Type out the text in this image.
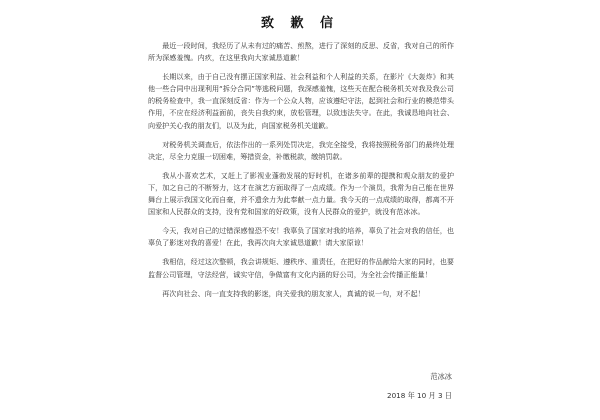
致 歉 信

最近一段时间，我经历了从未有过的痛苦、煎熬，进行了深刻的反思、反省，我对自己的所作所为深感羞愧。内疚，在这里我向大家诚恳道歉！

长期以来，由于自己没有摆正国家利益、社会利益和个人利益的关系，在影片《大轰炸》和其他一些合同中出现利用“拆分合同”等逃税问题
，我深感羞愧，这些天在配合税务机关对我及我公司的税务检查中，我一直深刻反省：作为一个公众人物，应该遵纪守法，起到社会和行业的模范带头作用，不应在经济利益面前，丧失自我约束，放松管理，以致违法失守。在此，我诚恳地向社会、向爱护关心我的朋友们，以及为此，向国家税务机关道歉。

对税务机关调查后，依法作出的一系列处罚决定，我完全接受，我将按照税务部门的最终处理决定，尽全力克服一切困难，筹措资金，补缴税款，缴纳罚款。

我从小喜欢艺术，又赶上了影视业蓬勃发展的好时机，在诸多前辈的提携和观众朋友的爱护下，加之自己的不断努力，这才在演艺方面取得了一点成绩。作为一个演员，我常为自己能在世界舞台上展示我国文化而自豪，并不遗余力为此奉献一点力量。我今天的一点成绩的取得，都离不开国家和人民群众的支持，没有党和国家的好政策，没有人民群众的爱护，就没有范冰冰。

今天，我对自己的过错深感惶恐不安！我辜负了国家对我的培养，辜负了社会对我的信任，也辜负了影迷对我的喜爱！在此，我再次向大家诚恳道歉！请大家原谅！

我相信，经过这次整顿，我会讲规矩、遵秩序、重责任，在把好的作品献给大家的同时，也要监督公司管理，守法经营，诚实守信，争做富有文化内涵的好公司，为全社会传播正能量！

再次向社会、向一直支持我的影迷，向关爱我的朋友家人，真诚的说一句，对不起！

范冰冰
2018 年 10 月 3 日
